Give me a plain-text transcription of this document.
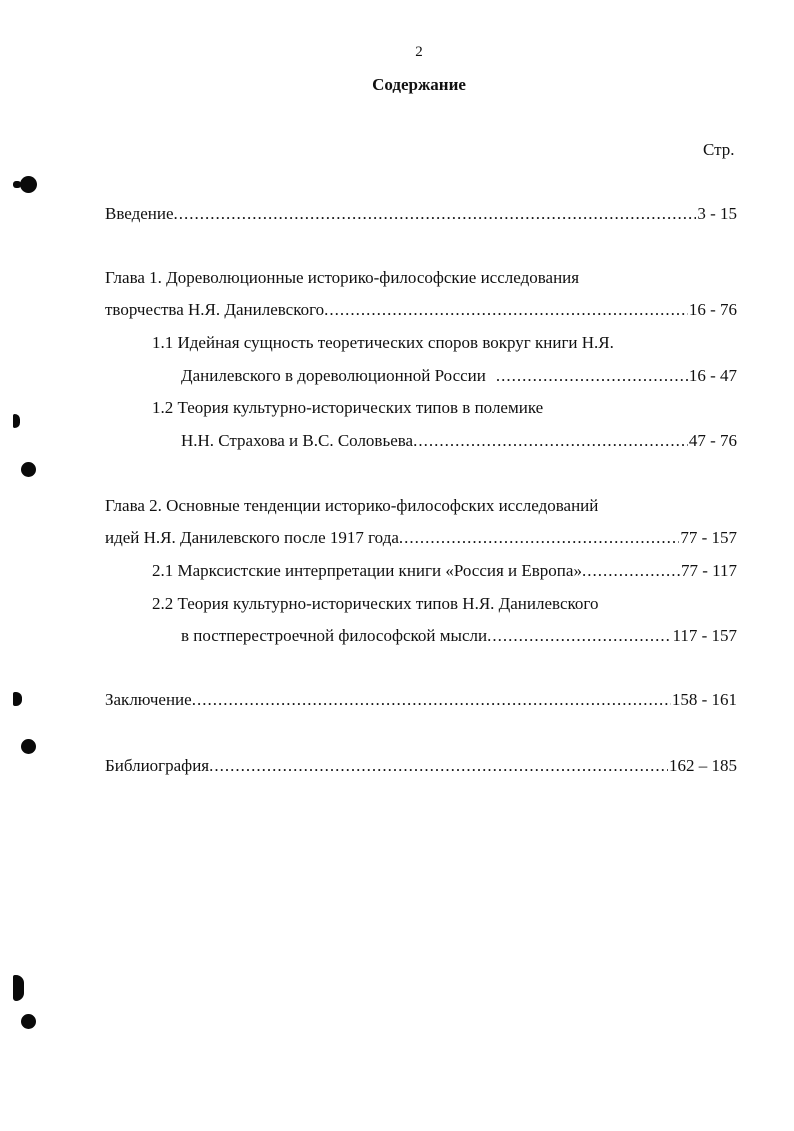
2
Содержание
Стр.
Введение .....	3 - 15
Глава 1. Дореволюционные историко-философские исследования
творчества Н.Я. Данилевского .....	16 - 76
1.1 Идейная сущность теоретических споров вокруг книги Н.Я.
Данилевского в дореволюционной России .....	16 - 47
1.2 Теория культурно-исторических типов в полемике
Н.Н. Страхова и В.С. Соловьева .....	47 - 76
Глава 2. Основные тенденции историко-философских исследований
идей Н.Я. Данилевского после 1917 года .....	77 - 157
2.1 Марксистские интерпретации книги «Россия и Европа» .....	77 - 117
2.2 Теория культурно-исторических типов Н.Я. Данилевского
в постперестроечной философской мысли .....	117 - 157
Заключение .....	158 - 161
Библиография .....	162 – 185
